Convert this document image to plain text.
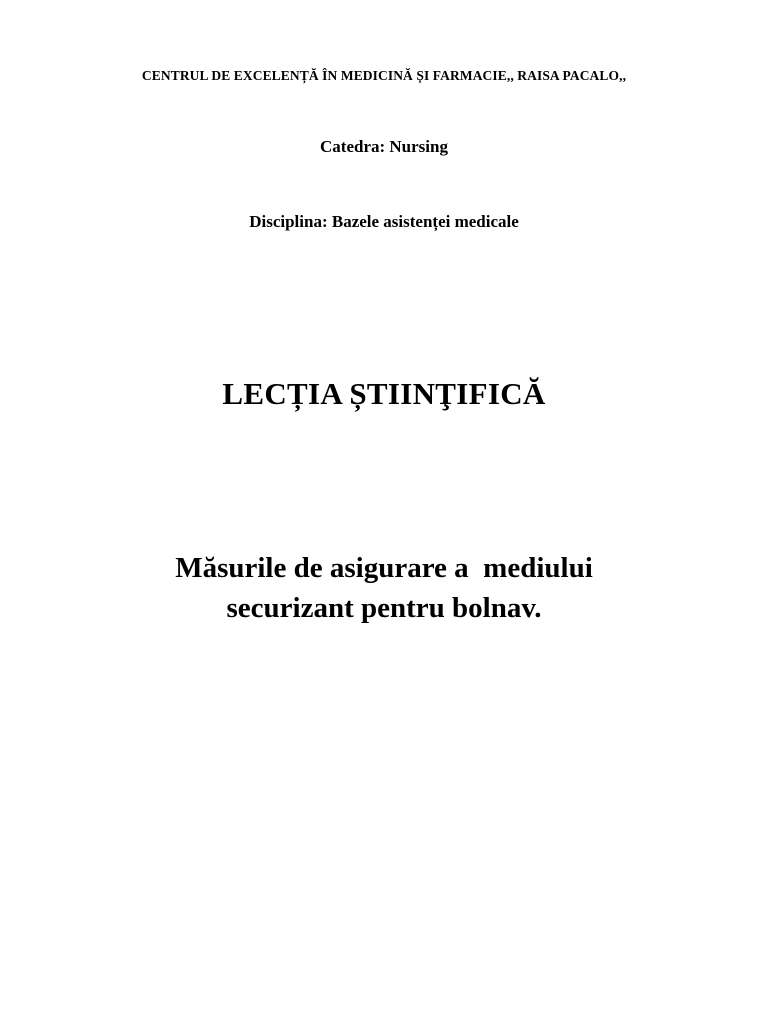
CENTRUL DE EXCELENȚĂ ÎN MEDICINĂ ȘI FARMACIE,, RAISA PACALO,,

Catedra: Nursing

Disciplina: Bazele asistenței medicale

LECȚIA ȘTIINŢIFICĂ
Măsurile de asigurare a  mediului
securizant pentru bolnav.
